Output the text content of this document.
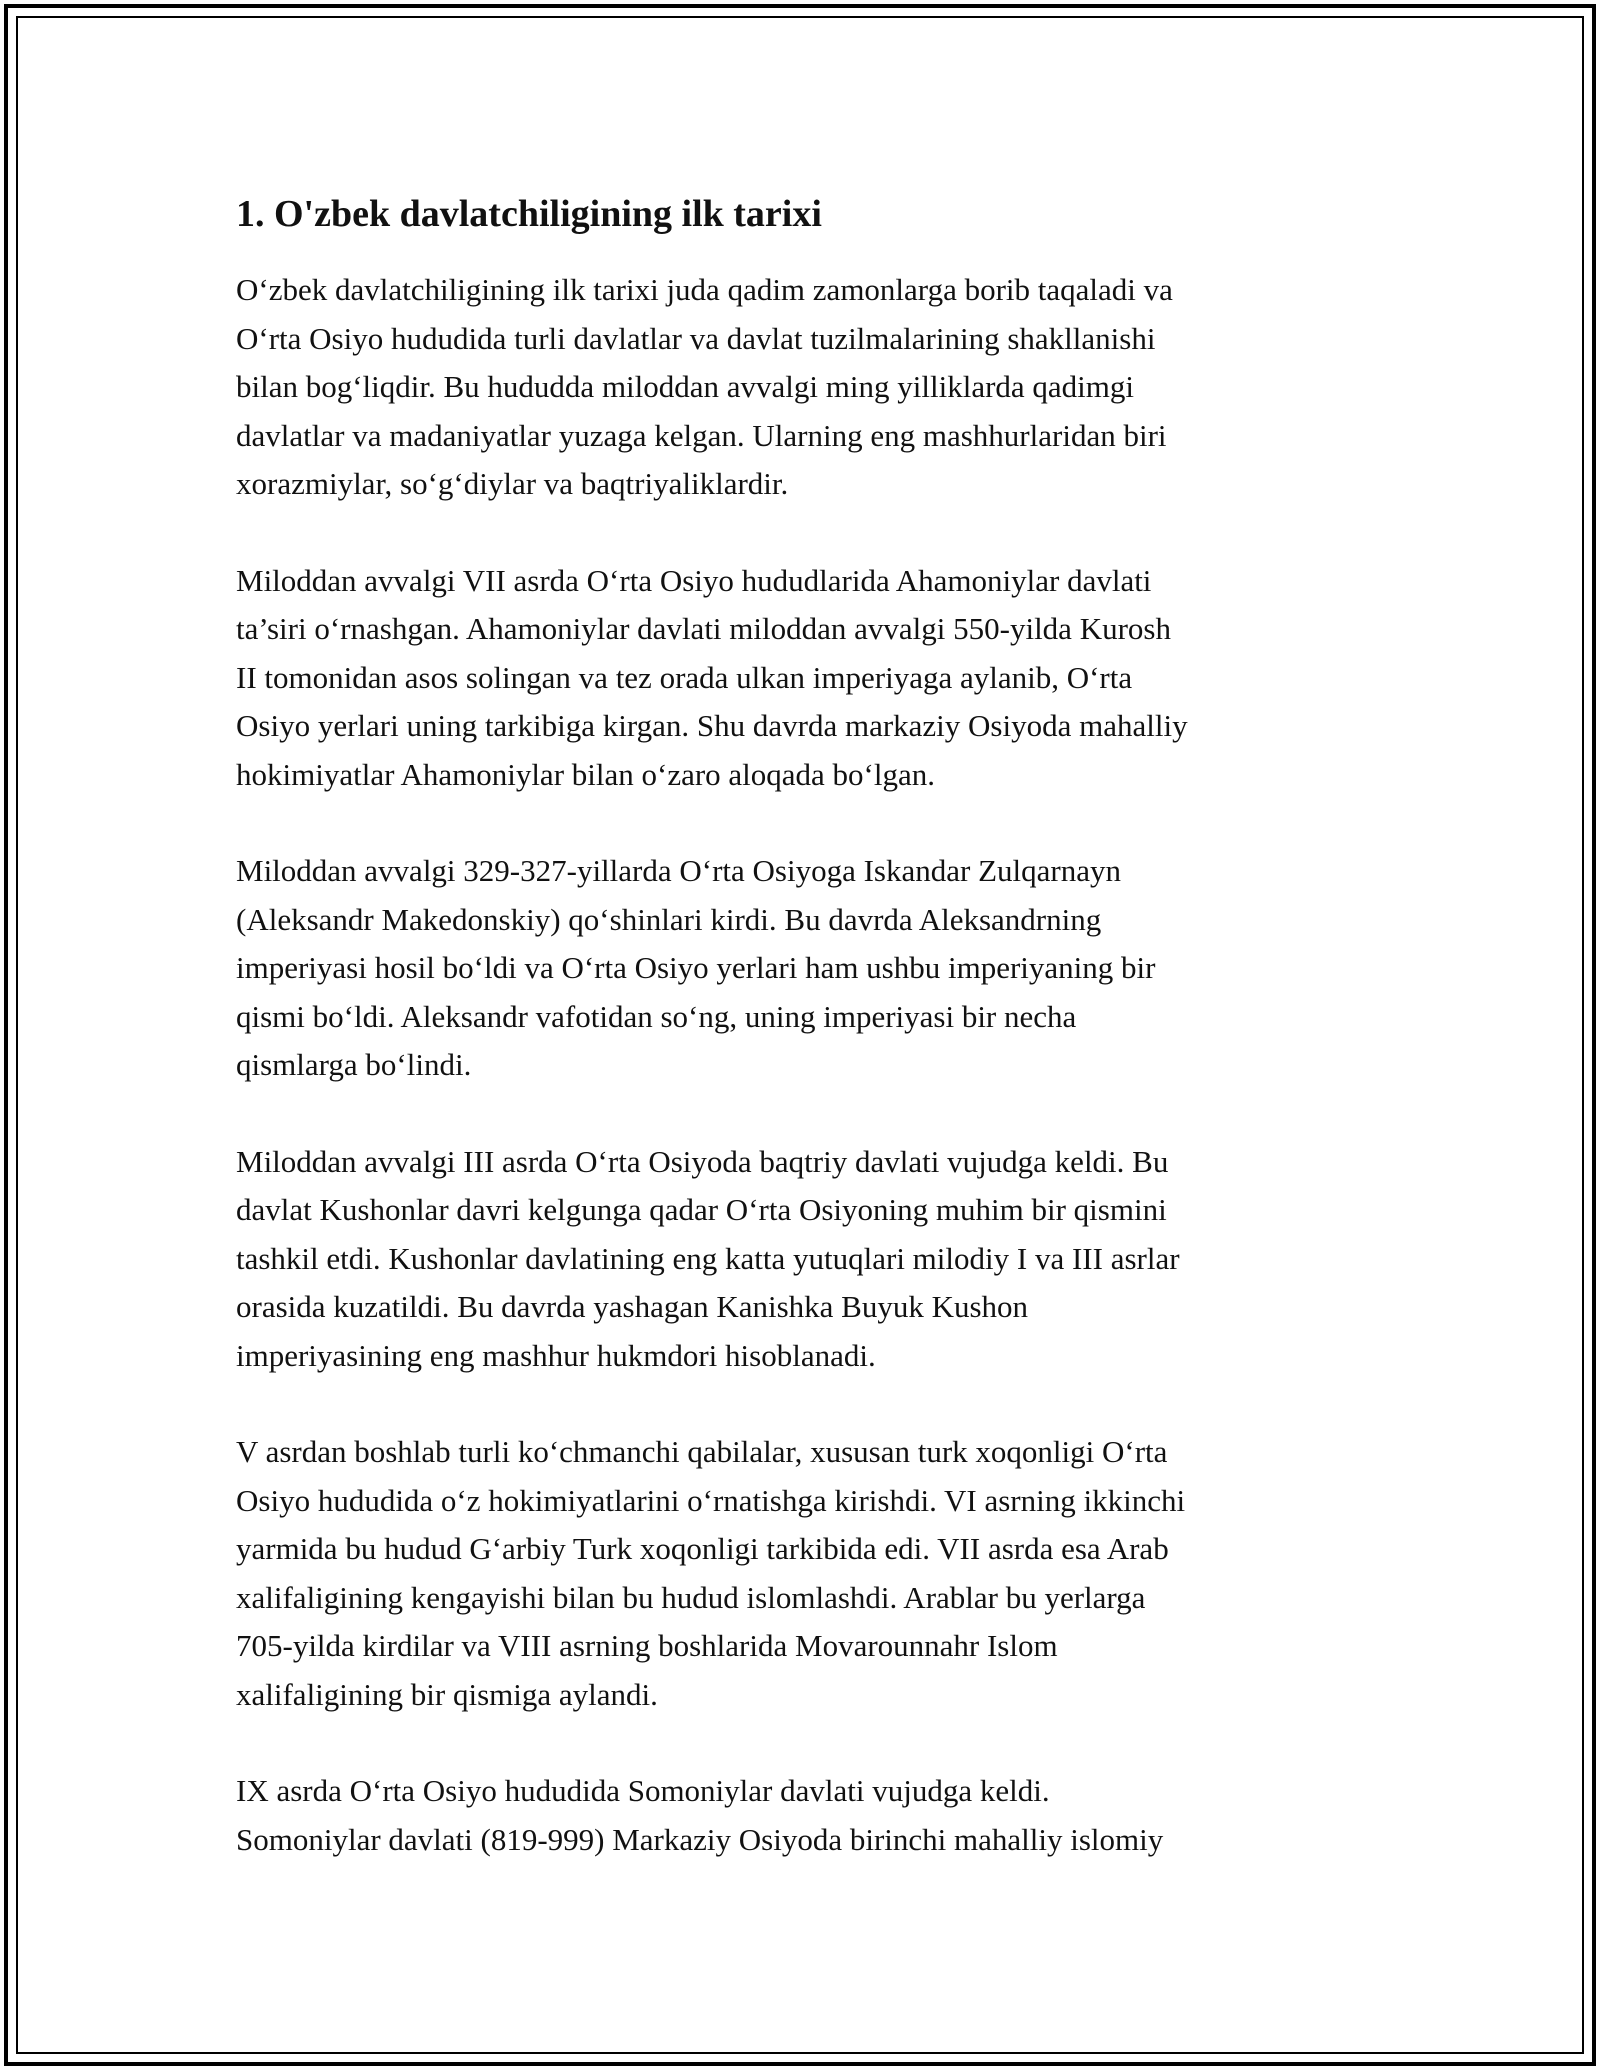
1. O'zbek davlatchiligining ilk tarixi

O‘zbek davlatchiligining ilk tarixi juda qadim zamonlarga borib taqaladi va
O‘rta Osiyo hududida turli davlatlar va davlat tuzilmalarining shakllanishi
bilan bog‘liqdir. Bu hududda miloddan avvalgi ming yilliklarda qadimgi
davlatlar va madaniyatlar yuzaga kelgan. Ularning eng mashhurlaridan biri
xorazmiylar, so‘g‘diylar va baqtriyaliklardir.

Miloddan avvalgi VII asrda O‘rta Osiyo hududlarida Ahamoniylar davlati
ta’siri o‘rnashgan. Ahamoniylar davlati miloddan avvalgi 550-yilda Kurosh
II tomonidan asos solingan va tez orada ulkan imperiyaga aylanib, O‘rta
Osiyo yerlari uning tarkibiga kirgan. Shu davrda markaziy Osiyoda mahalliy
hokimiyatlar Ahamoniylar bilan o‘zaro aloqada bo‘lgan.

Miloddan avvalgi 329-327-yillarda O‘rta Osiyoga Iskandar Zulqarnayn
(Aleksandr Makedonskiy) qo‘shinlari kirdi. Bu davrda Aleksandrning
imperiyasi hosil bo‘ldi va O‘rta Osiyo yerlari ham ushbu imperiyaning bir
qismi bo‘ldi. Aleksandr vafotidan so‘ng, uning imperiyasi bir necha
qismlarga bo‘lindi.

Miloddan avvalgi III asrda O‘rta Osiyoda baqtriy davlati vujudga keldi. Bu
davlat Kushonlar davri kelgunga qadar O‘rta Osiyoning muhim bir qismini
tashkil etdi. Kushonlar davlatining eng katta yutuqlari milodiy I va III asrlar
orasida kuzatildi. Bu davrda yashagan Kanishka Buyuk Kushon
imperiyasining eng mashhur hukmdori hisoblanadi.

V asrdan boshlab turli ko‘chmanchi qabilalar, xususan turk xoqonligi O‘rta
Osiyo hududida o‘z hokimiyatlarini o‘rnatishga kirishdi. VI asrning ikkinchi
yarmida bu hudud G‘arbiy Turk xoqonligi tarkibida edi. VII asrda esa Arab
xalifaligining kengayishi bilan bu hudud islomlashdi. Arablar bu yerlarga
705-yilda kirdilar va VIII asrning boshlarida Movarounnahr Islom
xalifaligining bir qismiga aylandi.

IX asrda O‘rta Osiyo hududida Somoniylar davlati vujudga keldi.
Somoniylar davlati (819-999) Markaziy Osiyoda birinchi mahalliy islomiy
